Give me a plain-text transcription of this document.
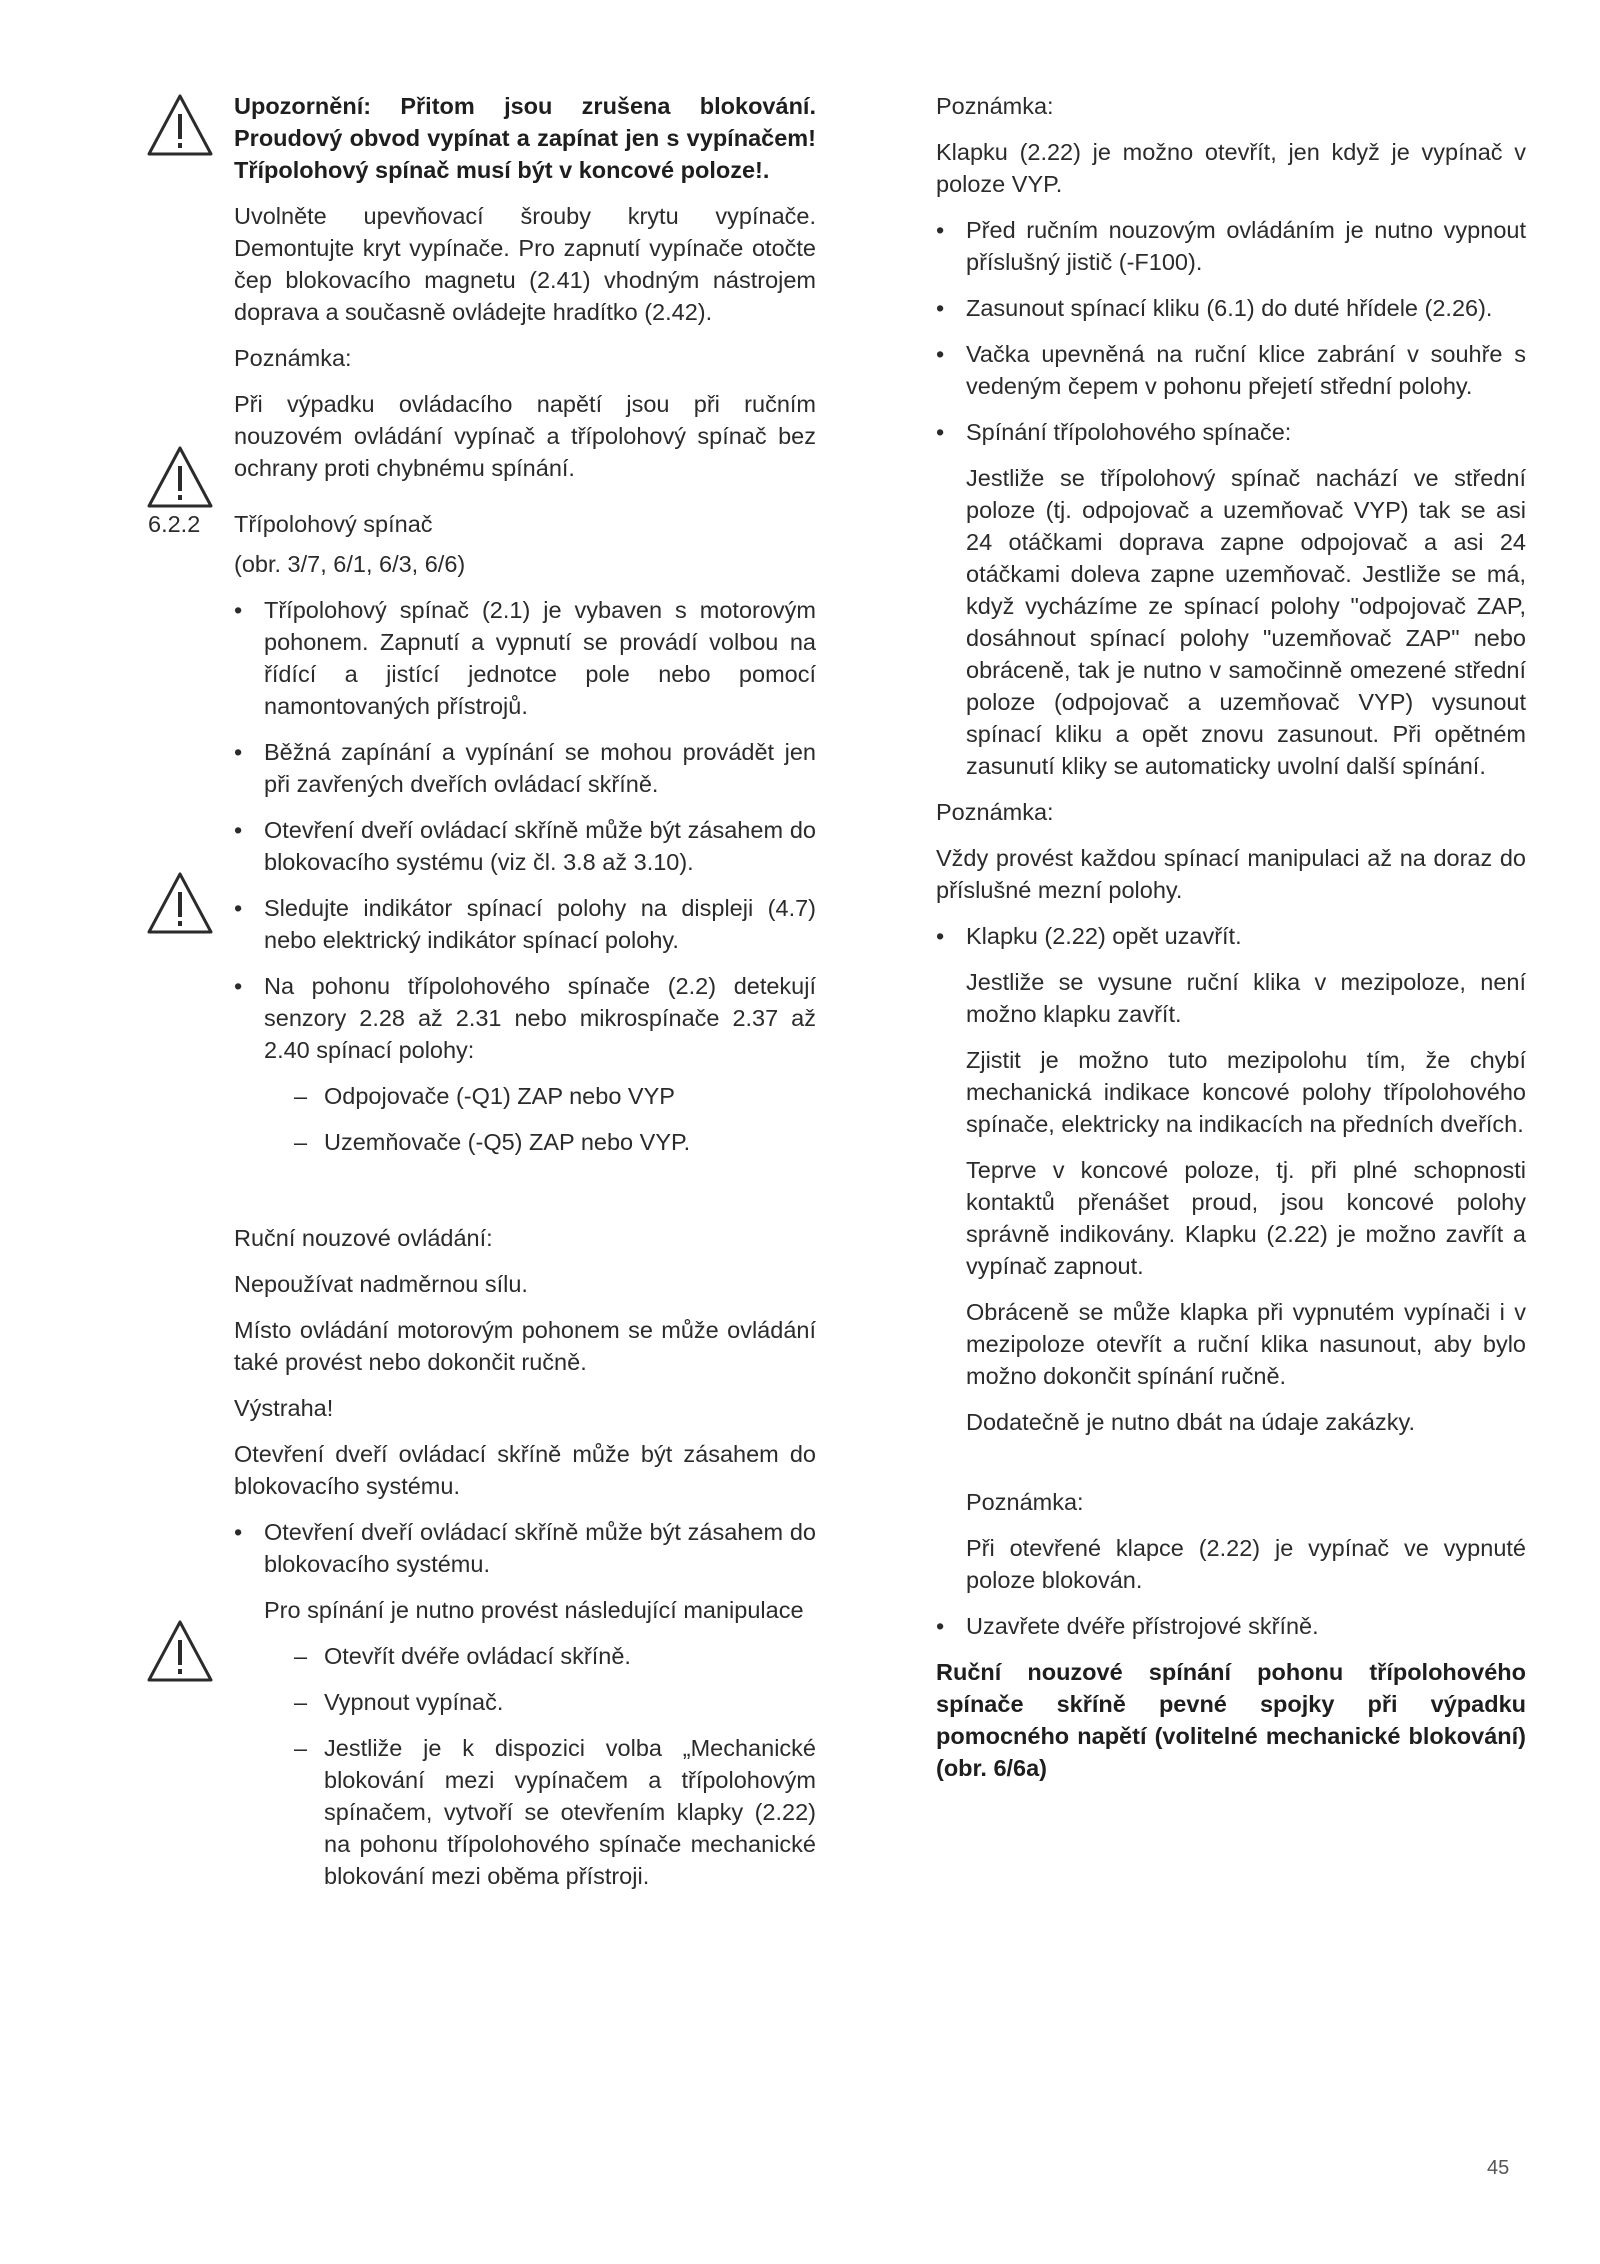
Upozornění: Přitom jsou zrušena blokování. Proudový obvod vypínat a zapínat jen s vypínačem! Třípolohový spínač musí být v koncové poloze!.

Uvolněte upevňovací šrouby krytu vypínače. Demontujte kryt vypínače. Pro zapnutí vypínače otočte čep blokovacího magnetu (2.41) vhodným nástrojem doprava a současně ovládejte hradítko (2.42).

Poznámka:

Při výpadku ovládacího napětí jsou při ručním nouzovém ovládání vypínač a třípolohový spínač bez ochrany proti chybnému spínání.

6.2.2 Třípolohový spínač

(obr. 3/7, 6/1, 6/3, 6/6)

• Třípolohový spínač (2.1) je vybaven s motorovým pohonem. Zapnutí a vypnutí se provádí volbou na řídící a jistící jednotce pole nebo pomocí namontovaných přístrojů.
• Běžná zapínání a vypínání se mohou provádět jen při zavřených dveřích ovládací skříně.
• Otevření dveří ovládací skříně může být zásahem do blokovacího systému (viz čl. 3.8 až 3.10).
• Sledujte indikátor spínací polohy na displeji (4.7) nebo elektrický indikátor spínací polohy.
• Na pohonu třípolohového spínače (2.2) detekují senzory 2.28 až 2.31 nebo mikrospínače 2.37 až 2.40 spínací polohy:
– Odpojovače (-Q1) ZAP nebo VYP
– Uzemňovače (-Q5) ZAP nebo VYP.

Ruční nouzové ovládání:

Nepoužívat nadměrnou sílu.

Místo ovládání motorovým pohonem se může ovládání také provést nebo dokončit ručně.

Výstraha!

Otevření dveří ovládací skříně může být zásahem do blokovacího systému.

• Otevření dveří ovládací skříně může být zásahem do blokovacího systému.
Pro spínání je nutno provést následující manipulace
– Otevřít dvéře ovládací skříně.
– Vypnout vypínač.
– Jestliže je k dispozici volba „Mechanické blokování mezi vypínačem a třípolohovým spínačem, vytvoří se otevřením klapky (2.22) na pohonu třípolohového spínače mechanické blokování mezi oběma přístroji.

Poznámka:

Klapku (2.22) je možno otevřít, jen když je vypínač v poloze VYP.

• Před ručním nouzovým ovládáním je nutno vypnout příslušný jistič (-F100).
• Zasunout spínací kliku (6.1) do duté hřídele (2.26).
• Vačka upevněná na ruční klice zabrání v souhře s vedeným čepem v pohonu přejetí střední polohy.
• Spínání třípolohového spínače:

Jestliže se třípolohový spínač nachází ve střední poloze (tj. odpojovač a uzemňovač VYP) tak se asi 24 otáčkami doprava zapne odpojovač a asi 24 otáčkami doleva zapne uzemňovač. Jestliže se má, když vycházíme ze spínací polohy "odpojovač ZAP, dosáhnout spínací polohy "uzemňovač ZAP" nebo obráceně, tak je nutno v samočinně omezené střední poloze (odpojovač a uzemňovač VYP) vysunout spínací kliku a opět znovu zasunout. Při opětném zasunutí kliky se automaticky uvolní další spínání.

Poznámka:

Vždy provést každou spínací manipulaci až na doraz do příslušné mezní polohy.

• Klapku (2.22) opět uzavřít.

Jestliže se vysune ruční klika v mezipoloze, není možno klapku zavřít.

Zjistit je možno tuto mezipolohu tím, že chybí mechanická indikace koncové polohy třípolohového spínače, elektricky na indikacích na předních dveřích.

Teprve v koncové poloze, tj. při plné schopnosti kontaktů přenášet proud, jsou koncové polohy správně indikovány. Klapku (2.22) je možno zavřít a vypínač zapnout.

Obráceně se může klapka při vypnutém vypínači i v mezipoloze otevřít a ruční klika nasunout, aby bylo možno dokončit spínání ručně.

Dodatečně je nutno dbát na údaje zakázky.

Poznámka:

Při otevřené klapce (2.22) je vypínač ve vypnuté poloze blokován.

• Uzavřete dvéře přístrojové skříně.

Ruční nouzové spínání pohonu třípolohového spínače skříně pevné spojky při výpadku pomocného napětí (volitelné mechanické blokování) (obr. 6/6a)

45
